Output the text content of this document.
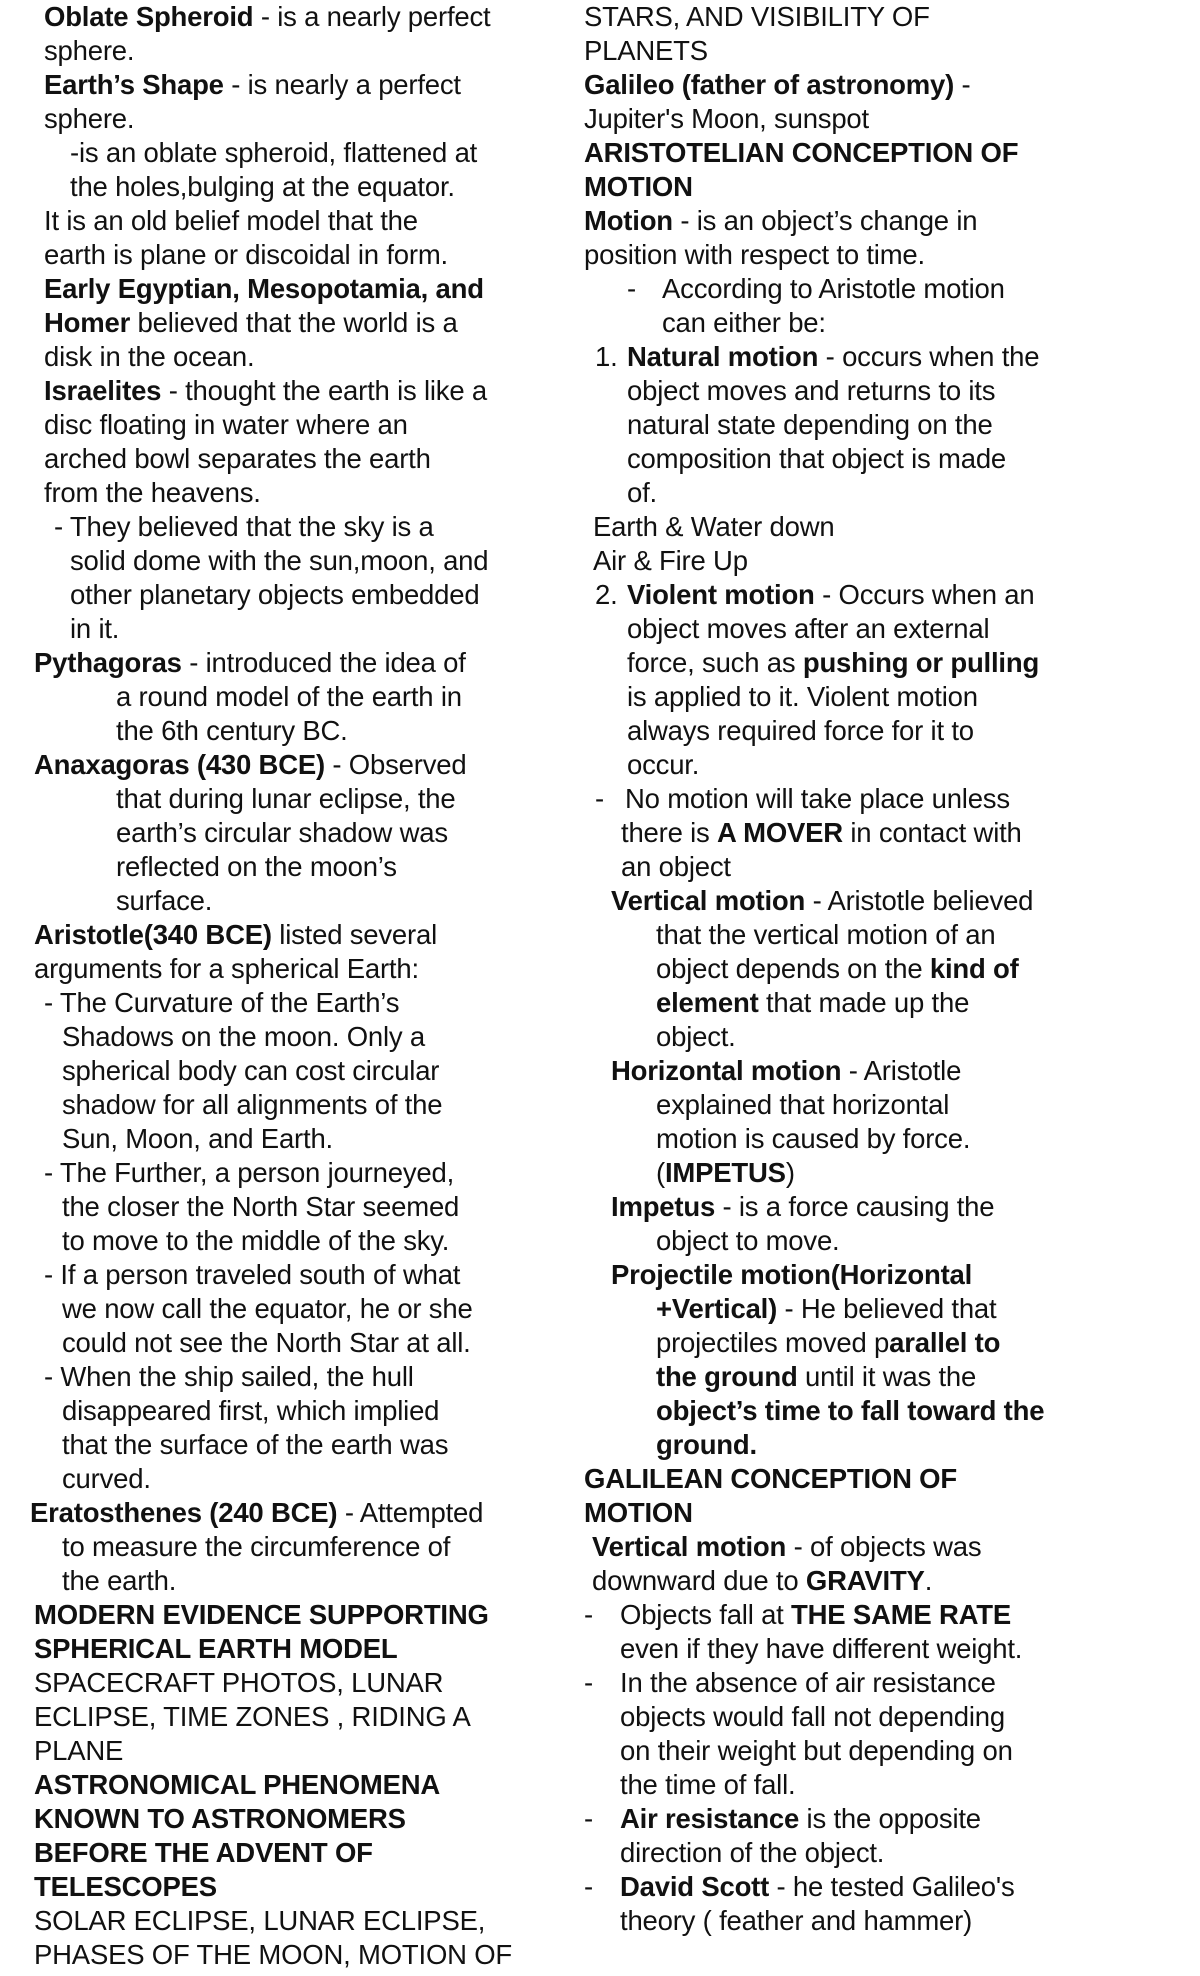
Oblate Spheroid - is a nearly perfect
sphere.
Earth’s Shape - is nearly a perfect
sphere.
-is an oblate spheroid, flattened at
the holes,bulging at the equator.
It is an old belief model that the
earth is plane or discoidal in form.
Early Egyptian, Mesopotamia, and
Homer believed that the world is a
disk in the ocean.
Israelites - thought the earth is like a
disc floating in water where an
arched bowl separates the earth
from the heavens.
- They believed that the sky is a
solid dome with the sun,moon, and
other planetary objects embedded
in it.
Pythagoras - introduced the idea of
a round model of the earth in
the 6th century BC.
Anaxagoras (430 BCE) - Observed
that during lunar eclipse, the
earth’s circular shadow was
reflected on the moon’s
surface.
Aristotle(340 BCE) listed several
arguments for a spherical Earth:
- The Curvature of the Earth’s
Shadows on the moon. Only a
spherical body can cost circular
shadow for all alignments of the
Sun, Moon, and Earth.
- The Further, a person journeyed,
the closer the North Star seemed
to move to the middle of the sky.
- If a person traveled south of what
we now call the equator, he or she
could not see the North Star at all.
- When the ship sailed, the hull
disappeared first, which implied
that the surface of the earth was
curved.
Eratosthenes (240 BCE) - Attempted
to measure the circumference of
the earth.
MODERN EVIDENCE SUPPORTING
SPHERICAL EARTH MODEL
SPACECRAFT PHOTOS, LUNAR
ECLIPSE, TIME ZONES , RIDING A
PLANE
ASTRONOMICAL PHENOMENA
KNOWN TO ASTRONOMERS
BEFORE THE ADVENT OF
TELESCOPES
SOLAR ECLIPSE, LUNAR ECLIPSE,
PHASES OF THE MOON, MOTION OF
STARS, AND VISIBILITY OF
PLANETS
Galileo (father of astronomy) -
Jupiter's Moon, sunspot
ARISTOTELIAN CONCEPTION OF
MOTION
Motion - is an object’s change in
position with respect to time.
- According to Aristotle motion
can either be:
1. Natural motion - occurs when the
object moves and returns to its
natural state depending on the
composition that object is made
of.
Earth & Water down
Air & Fire Up
2. Violent motion - Occurs when an
object moves after an external
force, such as pushing or pulling
is applied to it. Violent motion
always required force for it to
occur.
- No motion will take place unless
there is A MOVER in contact with
an object
Vertical motion - Aristotle believed
that the vertical motion of an
object depends on the kind of
element that made up the
object.
Horizontal motion - Aristotle
explained that horizontal
motion is caused by force.
(IMPETUS)
Impetus - is a force causing the
object to move.
Projectile motion(Horizontal
+Vertical) - He believed that
projectiles moved parallel to
the ground until it was the
object’s time to fall toward the
ground.
GALILEAN CONCEPTION OF
MOTION
Vertical motion - of objects was
downward due to GRAVITY.
- Objects fall at THE SAME RATE
even if they have different weight.
- In the absence of air resistance
objects would fall not depending
on their weight but depending on
the time of fall.
- Air resistance is the opposite
direction of the object.
- David Scott - he tested Galileo's
theory ( feather and hammer)
